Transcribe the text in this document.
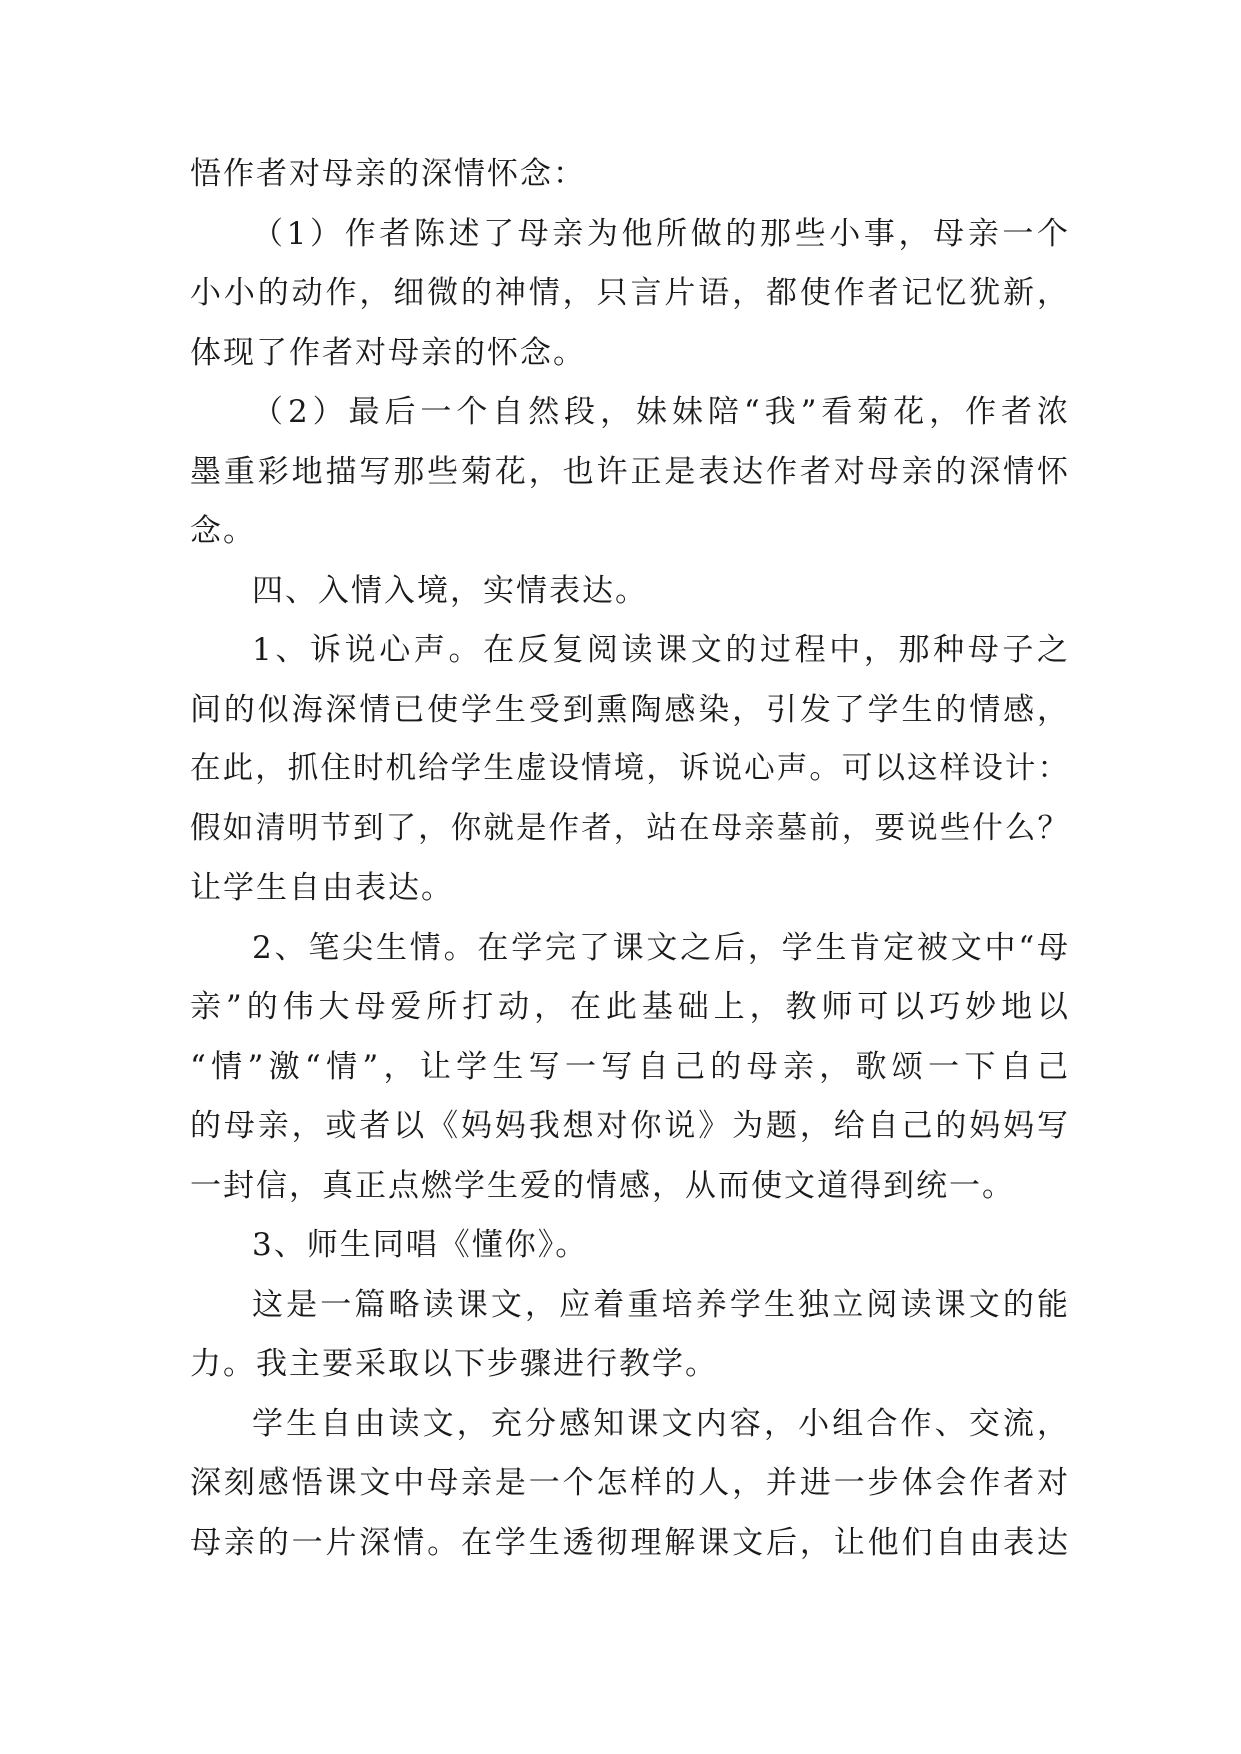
悟作者对母亲的深情怀念：
（1）作者陈述了母亲为他所做的那些小事，母亲一个
小小的动作，细微的神情，只言片语，都使作者记忆犹新，
体现了作者对母亲的怀念。
（2）最后一个自然段，妹妹陪“我”看菊花，作者浓
墨重彩地描写那些菊花，也许正是表达作者对母亲的深情怀
念。
四、入情入境，实情表达。
1、诉说心声。在反复阅读课文的过程中，那种母子之
间的似海深情已使学生受到熏陶感染，引发了学生的情感，
在此，抓住时机给学生虚设情境，诉说心声。可以这样设计：
假如清明节到了，你就是作者，站在母亲墓前，要说些什么？
让学生自由表达。
2、笔尖生情。在学完了课文之后，学生肯定被文中“母
亲”的伟大母爱所打动，在此基础上，教师可以巧妙地以
“情”激“情”，让学生写一写自己的母亲，歌颂一下自己
的母亲，或者以《妈妈我想对你说》为题，给自己的妈妈写
一封信，真正点燃学生爱的情感，从而使文道得到统一。
3、师生同唱《懂你》。
这是一篇略读课文，应着重培养学生独立阅读课文的能
力。我主要采取以下步骤进行教学。
学生自由读文，充分感知课文内容，小组合作、交流，
深刻感悟课文中母亲是一个怎样的人，并进一步体会作者对
母亲的一片深情。在学生透彻理解课文后，让他们自由表达
